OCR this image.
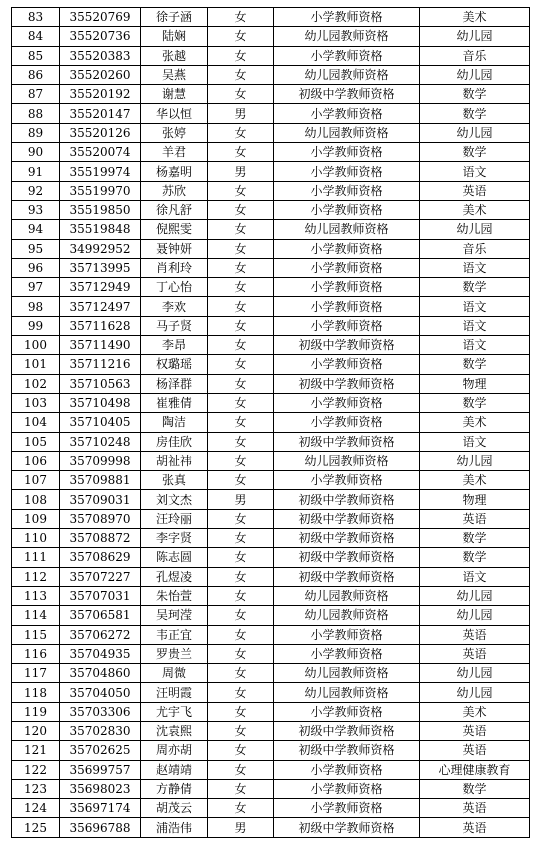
83	35520769	徐子涵	女	小学教师资格	美术
84	35520736	陆娴	女	幼儿园教师资格	幼儿园
85	35520383	张越	女	小学教师资格	音乐
86	35520260	吴燕	女	幼儿园教师资格	幼儿园
87	35520192	谢慧	女	初级中学教师资格	数学
88	35520147	华以恒	男	小学教师资格	数学
89	35520126	张婷	女	幼儿园教师资格	幼儿园
90	35520074	羊君	女	小学教师资格	数学
91	35519974	杨嘉明	男	小学教师资格	语文
92	35519970	苏欣	女	小学教师资格	英语
93	35519850	徐凡舒	女	小学教师资格	美术
94	35519848	倪熙雯	女	幼儿园教师资格	幼儿园
95	34992952	聂钟妍	女	小学教师资格	音乐
96	35713995	肖利玲	女	小学教师资格	语文
97	35712949	丁心怡	女	小学教师资格	数学
98	35712497	李欢	女	小学教师资格	语文
99	35711628	马子贤	女	小学教师资格	语文
100	35711490	李昂	女	初级中学教师资格	语文
101	35711216	权璐瑶	女	小学教师资格	数学
102	35710563	杨泽群	女	初级中学教师资格	物理
103	35710498	崔雅倩	女	小学教师资格	数学
104	35710405	陶洁	女	小学教师资格	美术
105	35710248	房佳欣	女	初级中学教师资格	语文
106	35709998	胡祉祎	女	幼儿园教师资格	幼儿园
107	35709881	张真	女	小学教师资格	美术
108	35709031	刘文杰	男	初级中学教师资格	物理
109	35708970	汪玲丽	女	初级中学教师资格	英语
110	35708872	李字贤	女	初级中学教师资格	数学
111	35708629	陈志圆	女	初级中学教师资格	数学
112	35707227	孔煜凌	女	初级中学教师资格	语文
113	35707031	朱怡萱	女	幼儿园教师资格	幼儿园
114	35706581	吴珂滢	女	幼儿园教师资格	幼儿园
115	35706272	韦正宜	女	小学教师资格	英语
116	35704935	罗贵兰	女	小学教师资格	英语
117	35704860	周微	女	幼儿园教师资格	幼儿园
118	35704050	汪明霞	女	幼儿园教师资格	幼儿园
119	35703306	尤宇飞	女	小学教师资格	美术
120	35702830	沈袁熙	女	初级中学教师资格	英语
121	35702625	周亦胡	女	初级中学教师资格	英语
122	35699757	赵靖靖	女	小学教师资格	心理健康教育
123	35698023	方静倩	女	小学教师资格	数学
124	35697174	胡茂云	女	小学教师资格	英语
125	35696788	浦浩伟	男	初级中学教师资格	英语
